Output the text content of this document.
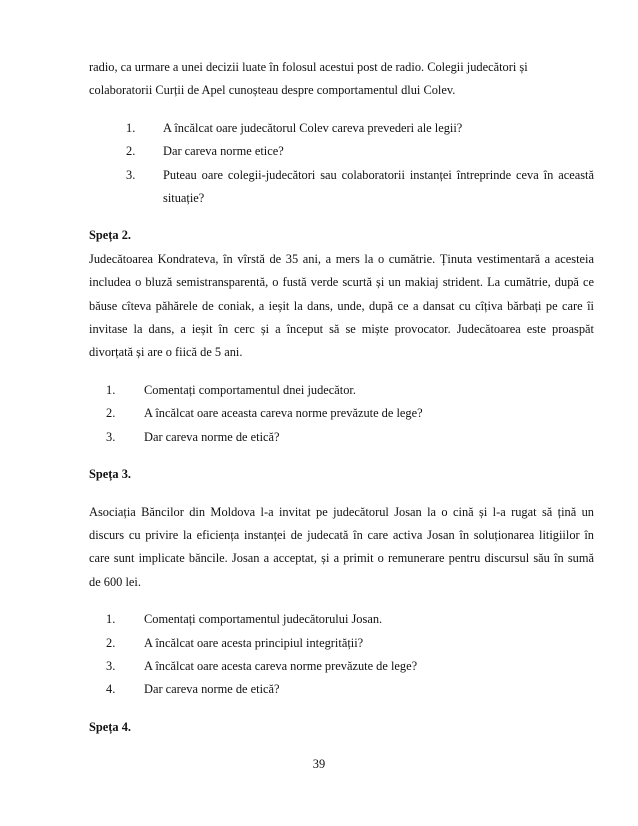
radio, ca urmare a unei decizii luate în folosul acestui post de radio. Colegii judecători și
colaboratorii Curții de Apel cunoșteau despre comportamentul dlui Colev.

1. A încălcat oare judecătorul Colev careva prevederi ale legii?
2. Dar careva norme etice?
3. Puteau oare colegii-judecători sau colaboratorii instanței întreprinde ceva în această
situație?

Speța 2.

Judecătoarea Kondrateva, în vîrstă de 35 ani, a mers la o cumătrie. Ținuta vestimentară a acesteia
includea o bluză semistransparentă, o fustă verde scurtă și un makiaj strident. La cumătrie, după ce
băuse cîteva păhărele de coniak, a ieșit la dans, unde, după ce a dansat cu cîțiva bărbați pe care îi
invitase la dans, a ieșit în cerc și a început să se miște provocator. Judecătoarea este proaspăt
divorțată și are o fiică de 5 ani.

1. Comentați comportamentul dnei judecător.
2. A încălcat oare aceasta careva norme prevăzute de lege?
3. Dar careva norme de etică?

Speța 3.

Asociația Băncilor din Moldova l-a invitat pe judecătorul Josan la o cină și l-a rugat să țină un
discurs cu privire la eficiența instanței de judecată în care activa Josan în soluționarea litigiilor în
care sunt implicate băncile. Josan a acceptat, și a primit o remunerare pentru discursul său în sumă
de 600 lei.

1. Comentați comportamentul judecătorului Josan.
2. A încălcat oare acesta principiul integrității?
3. A încălcat oare acesta careva norme prevăzute de lege?
4. Dar careva norme de etică?

Speța 4.

39
